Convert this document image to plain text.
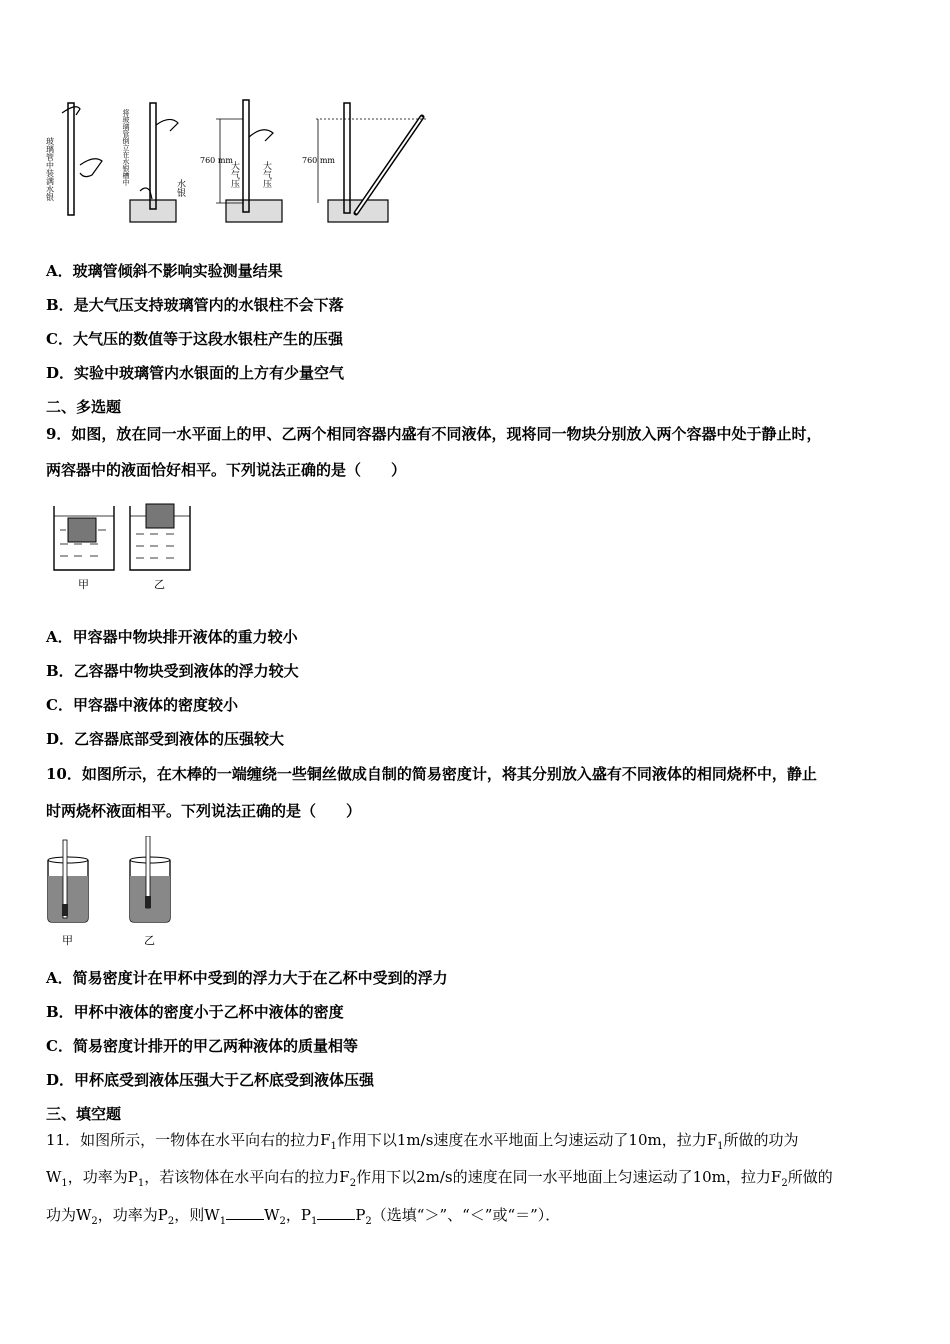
玻璃管中装满水银	将玻璃管倒立在水银槽中
水银
760 mm
大气压 大气压
760 mm
A．玻璃管倾斜不影响实验测量结果
B．是大气压支持玻璃管内的水银柱不会下落
C．大气压的数值等于这段水银柱产生的压强
D．实验中玻璃管内水银面的上方有少量空气
二、多选题
9．如图，放在同一水平面上的甲、乙两个相同容器内盛有不同液体，现将同一物块分别放入两个容器中处于静止时，
两容器中的液面恰好相平。下列说法正确的是（　　）
甲	乙
A．甲容器中物块排开液体的重力较小
B．乙容器中物块受到液体的浮力较大
C．甲容器中液体的密度较小
D．乙容器底部受到液体的压强较大
10．如图所示，在木棒的一端缠绕一些铜丝做成自制的简易密度计，将其分别放入盛有不同液体的相同烧杯中，静止
时两烧杯液面相平。下列说法正确的是（　　）
甲	乙
A．简易密度计在甲杯中受到的浮力大于在乙杯中受到的浮力
B．甲杯中液体的密度小于乙杯中液体的密度
C．简易密度计排开的甲乙两种液体的质量相等
D．甲杯底受到液体压强大于乙杯底受到液体压强
三、填空题
11．如图所示，一物体在水平向右的拉力$F_1$作用下以1m/s速度在水平地面上匀速运动了10m，拉力$F_1$所做的功为
$W_1$，功率为$P_1$，若该物体在水平向右的拉力$F_2$作用下以2m/s的速度在同一水平地面上匀速运动了10m，拉力$F_2$所做的
功为$W_2$，功率为$P_2$，则$W_1$	$W_2$，$P_1$	$P_2$（选填“＞”、“＜”或“＝”）．
